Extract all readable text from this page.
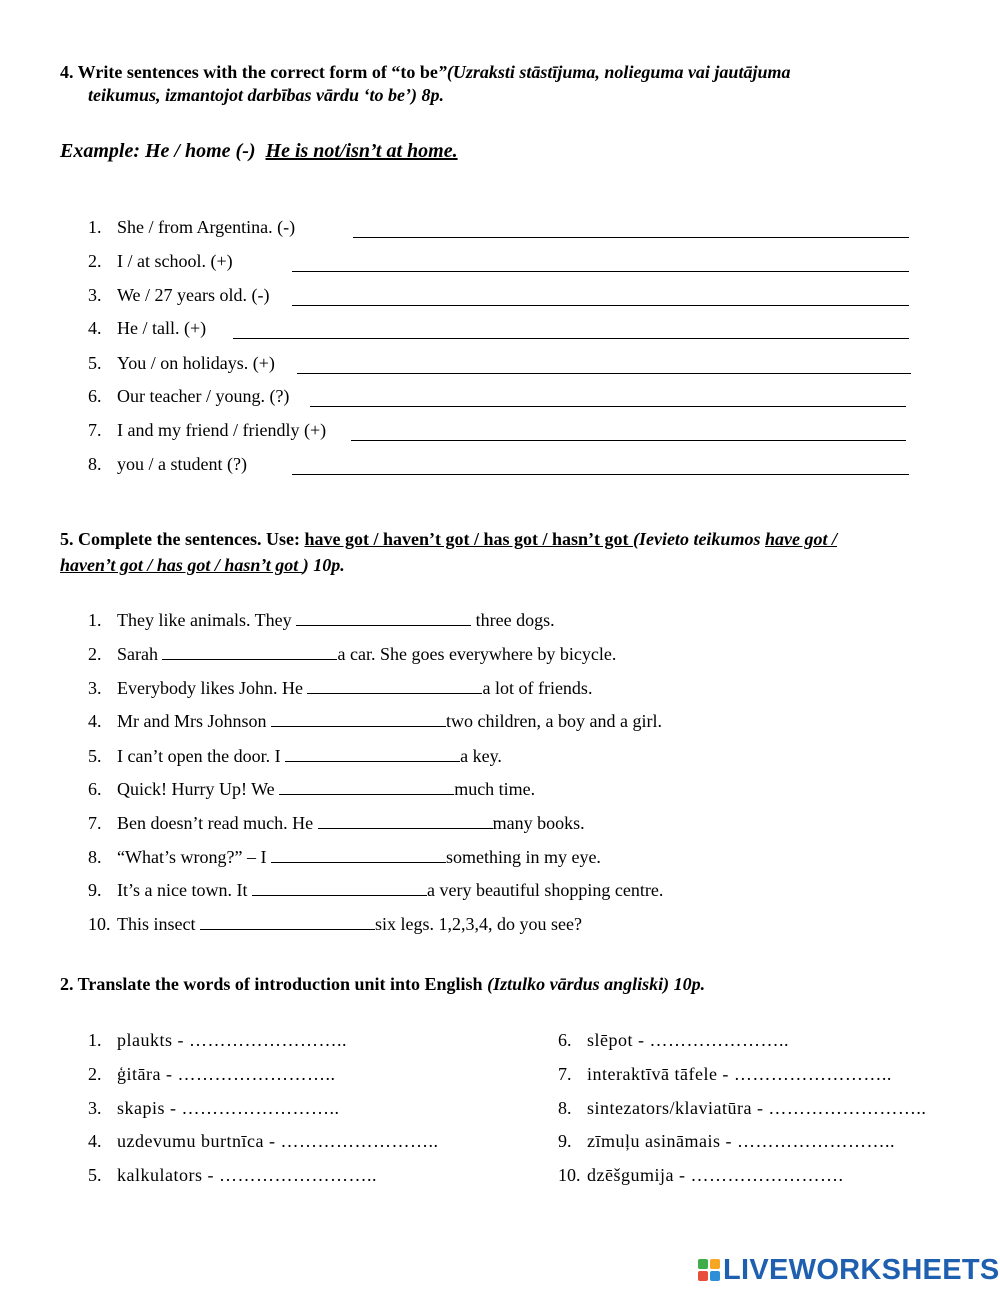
4. Write sentences with the correct form of “to be”(Uzraksti stāstījuma, nolieguma vai jautājuma
teikumus, izmantojot darbības vārdu ‘to be’) 8p.
Example: He / home (-) He is not/isn’t at home.
1. She / from Argentina. (-)
2. I / at school. (+)
3. We / 27 years old. (-)
4. He / tall. (+)
5. You / on holidays. (+)
6. Our teacher / young. (?)
7. I and my friend / friendly (+)
8. you / a student (?)
5. Complete the sentences. Use: have got / haven’t got / has got / hasn’t got (Ievieto teikumos have got /
haven’t got / has got / hasn’t got ) 10p.
1. They like animals. They	three dogs.
2. Sarah	a car. She goes everywhere by bicycle.
3. Everybody likes John. He	a lot of friends.
4. Mr and Mrs Johnson	two children, a boy and a girl.
5. I can’t open the door. I	a key.
6. Quick! Hurry Up! We	much time.
7. Ben doesn’t read much. He	many books.
8. “What’s wrong?” – I	something in my eye.
9. It’s a nice town. It	a very beautiful shopping centre.
10. This insect	six legs. 1,2,3,4, do you see?
2. Translate the words of introduction unit into English (Iztulko vārdus angliski) 10p.
1. plaukts - ……………………..
2. ģitāra - ……………………..
3. skapis - ……………………..
4. uzdevumu burtnīca - ……………………..
5. kalkulators - ……………………..
6. slēpot - …………………..
7. interaktīvā tāfele - ……………………..
8. sintezators/klaviatūra - ……………………..
9. zīmuļu asināmais - ……………………..
10. dzēšgumija - …………………….
LIVEWORKSHEETS
